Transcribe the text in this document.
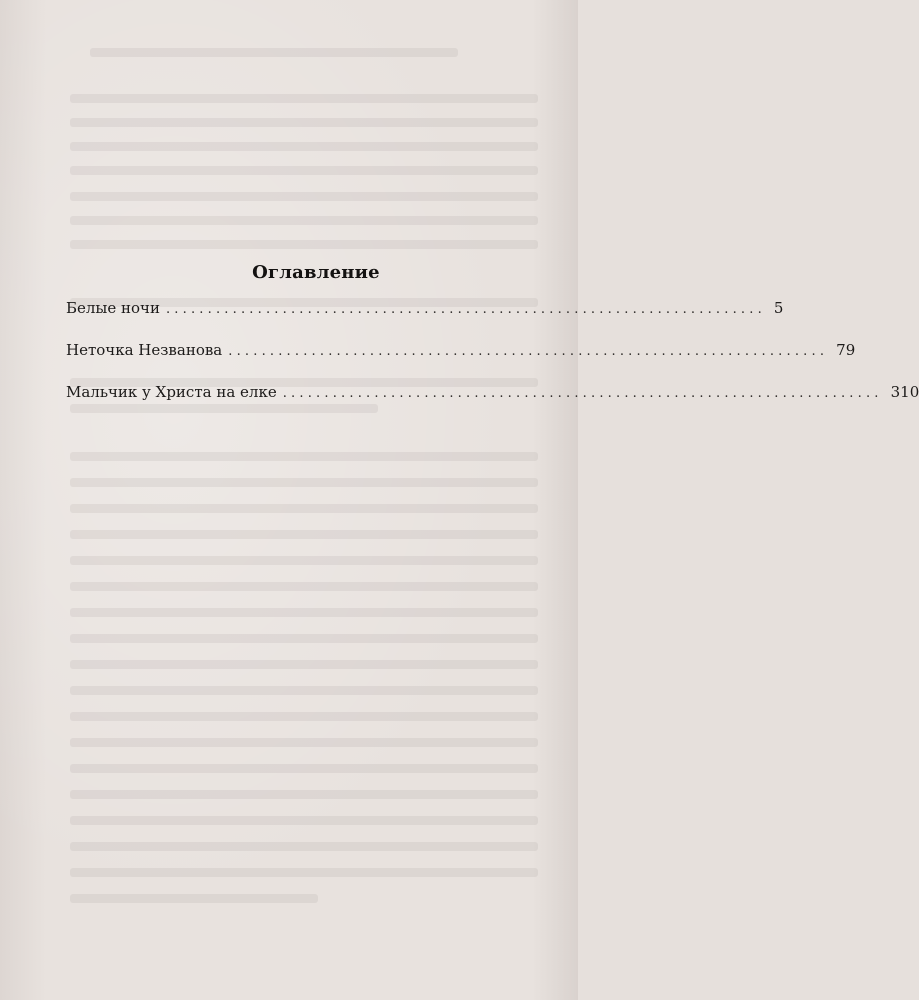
Оглавление
Белые ночи ........................................................................ 5
Неточка Незванова ........................................................................ 79
Мальчик у Христа на елке ........................................................................ 310
